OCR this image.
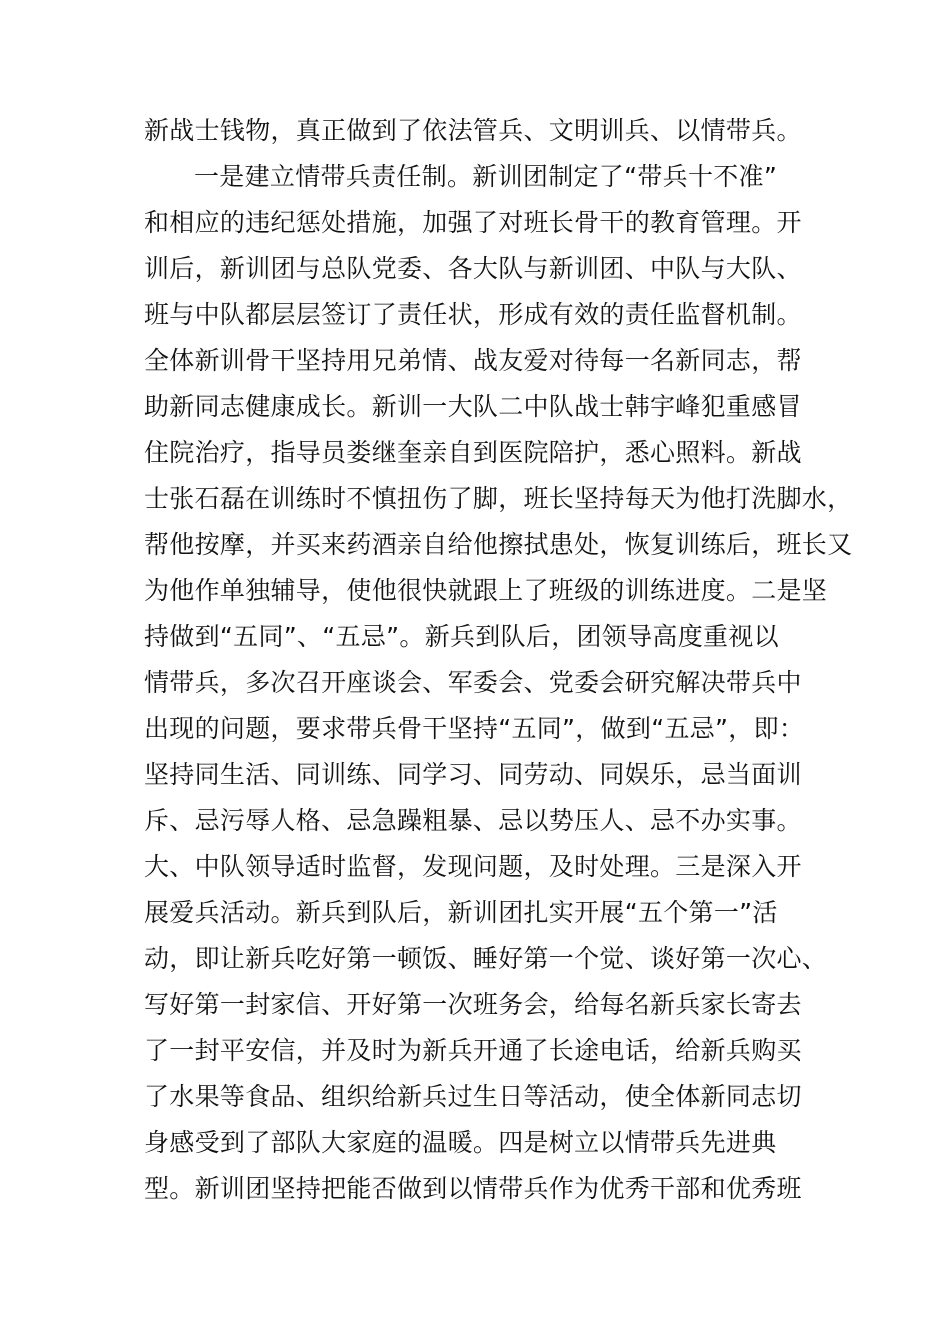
新战士钱物，真正做到了依法管兵、文明训兵、以情带兵。
一是建立情带兵责任制。新训团制定了“带兵十不准”
和相应的违纪惩处措施，加强了对班长骨干的教育管理。开
训后，新训团与总队党委、各大队与新训团、中队与大队、
班与中队都层层签订了责任状，形成有效的责任监督机制。
全体新训骨干坚持用兄弟情、战友爱对待每一名新同志，帮
助新同志健康成长。新训一大队二中队战士韩宇峰犯重感冒
住院治疗，指导员娄继奎亲自到医院陪护，悉心照料。新战
士张石磊在训练时不慎扭伤了脚，班长坚持每天为他打洗脚水，
帮他按摩，并买来药酒亲自给他擦拭患处，恢复训练后，班长又
为他作单独辅导，使他很快就跟上了班级的训练进度。二是坚
持做到“五同”、“五忌”。新兵到队后，团领导高度重视以
情带兵，多次召开座谈会、军委会、党委会研究解决带兵中
出现的问题，要求带兵骨干坚持“五同”，做到“五忌”，即：
坚持同生活、同训练、同学习、同劳动、同娱乐，忌当面训
斥、忌污辱人格、忌急躁粗暴、忌以势压人、忌不办实事。
大、中队领导适时监督，发现问题，及时处理。三是深入开
展爱兵活动。新兵到队后，新训团扎实开展“五个第一”活
动，即让新兵吃好第一顿饭、睡好第一个觉、谈好第一次心、
写好第一封家信、开好第一次班务会，给每名新兵家长寄去
了一封平安信，并及时为新兵开通了长途电话，给新兵购买
了水果等食品、组织给新兵过生日等活动，使全体新同志切
身感受到了部队大家庭的温暖。四是树立以情带兵先进典
型。新训团坚持把能否做到以情带兵作为优秀干部和优秀班
